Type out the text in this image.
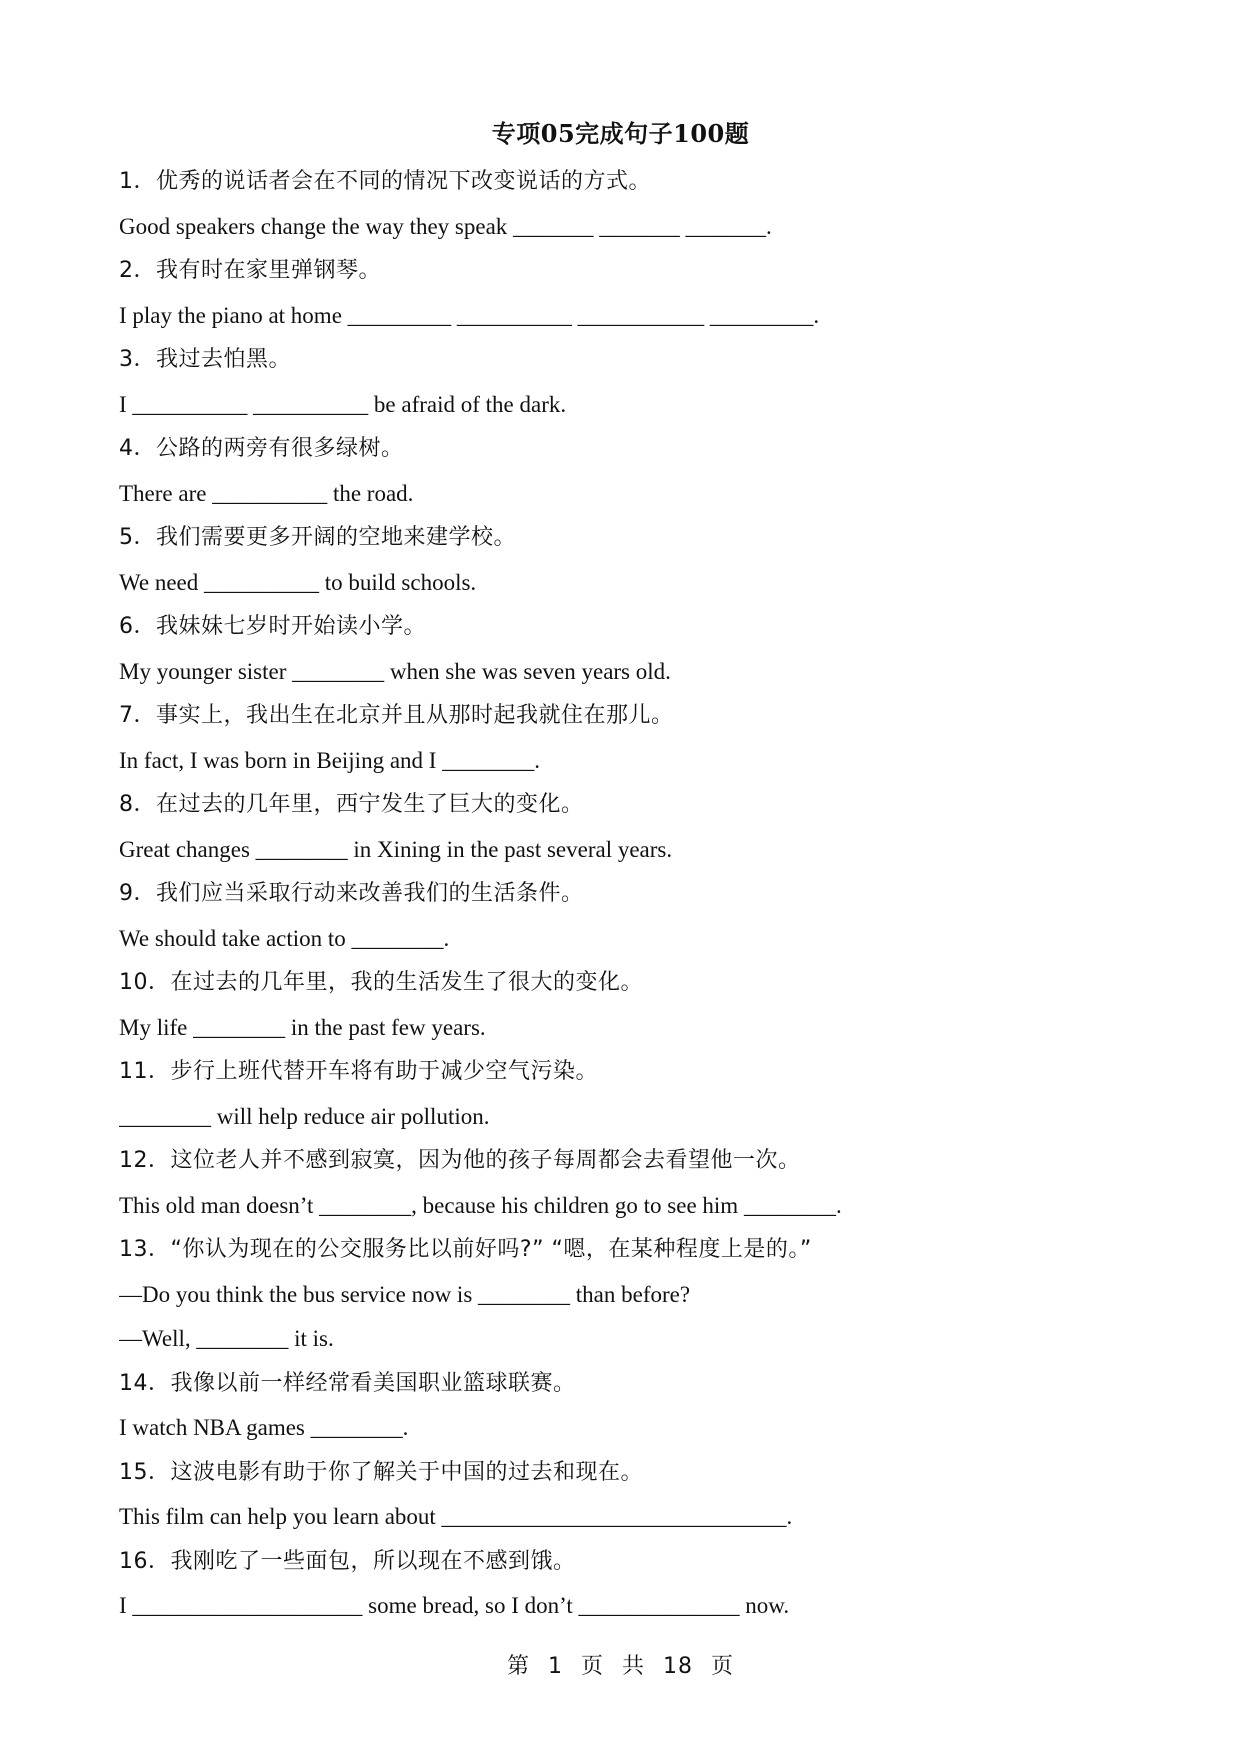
专项05完成句子100题
1．优秀的说话者会在不同的情况下改变说话的方式。
Good speakers change the way they speak _______ _______ _______.
2．我有时在家里弹钢琴。
I play the piano at home _________ __________ ___________ _________.
3．我过去怕黑。
I __________ __________ be afraid of the dark.
4．公路的两旁有很多绿树。
There are __________ the road.
5．我们需要更多开阔的空地来建学校。
We need __________ to build schools.
6．我妹妹七岁时开始读小学。
My younger sister ________ when she was seven years old.
7．事实上，我出生在北京并且从那时起我就住在那儿。
In fact, I was born in Beijing and I ________.
8．在过去的几年里，西宁发生了巨大的变化。
Great changes ________ in Xining in the past several years.
9．我们应当采取行动来改善我们的生活条件。
We should take action to ________.
10．在过去的几年里，我的生活发生了很大的变化。
My life ________ in the past few years.
11．步行上班代替开车将有助于减少空气污染。
________ will help reduce air pollution.
12．这位老人并不感到寂寞，因为他的孩子每周都会去看望他一次。
This old man doesn’t ________, because his children go to see him ________.
13．“你认为现在的公交服务比以前好吗?” “嗯，在某种程度上是的。”
—Do you think the bus service now is ________ than before?
—Well, ________ it is.
14．我像以前一样经常看美国职业篮球联赛。
I watch NBA games ________.
15．这波电影有助于你了解关于中国的过去和现在。
This film can help you learn about ______________________________.
16．我刚吃了一些面包，所以现在不感到饿。
I ____________________ some bread, so I don’t ______________ now.
第 1 页 共 18 页
